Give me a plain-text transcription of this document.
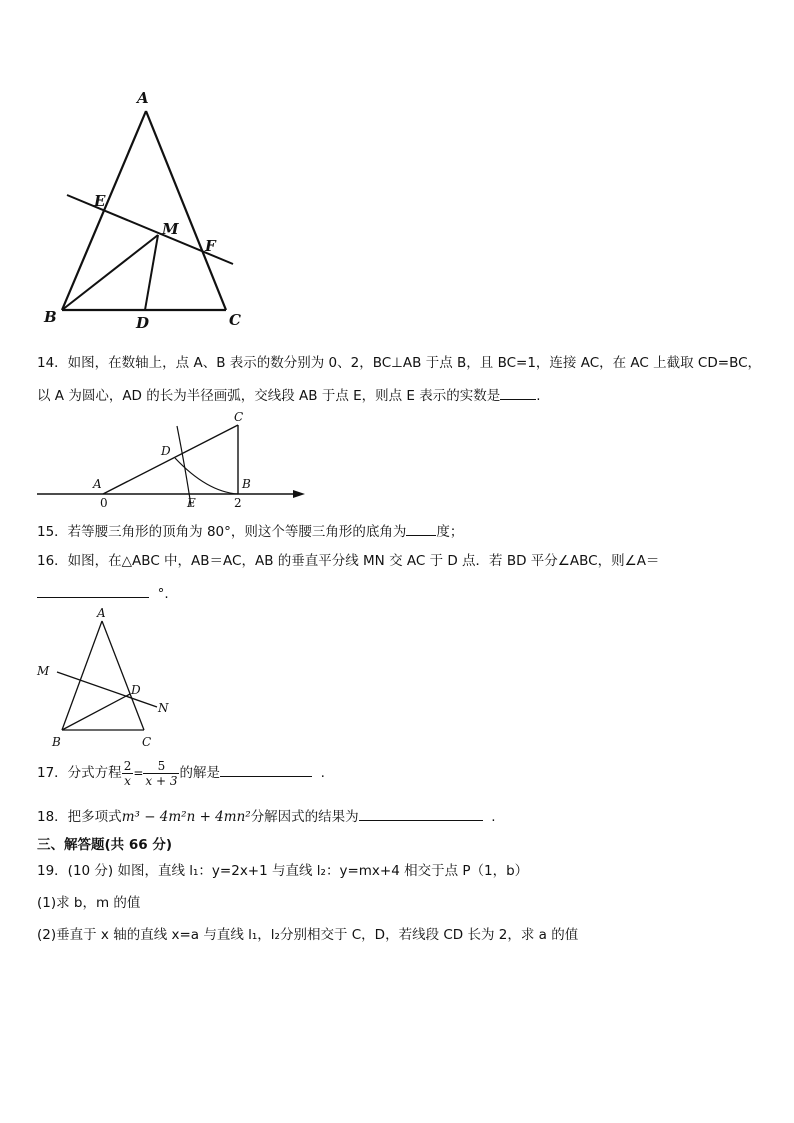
A
E
M
F
B	D	C
14．如图，在数轴上，点 A、B 表示的数分别为 0、2，BC⊥AB 于点 B，且 BC=1，连接 AC，在 AC 上截取 CD=BC，
以 A 为圆心，AD 的长为半径画弧，交线段 AB 于点 E，则点 E 表示的实数是	.
C
D
A	B
0	E	2
15．若等腰三角形的顶角为 80°，则这个等腰三角形的底角为 度；
16．如图，在△ABC 中，AB＝AC，AB 的垂直平分线 MN 交 AC 于 D 点．若 BD 平分∠ABC，则∠A＝
°.
A
M
D
N
B	C
17．分式方程 $\frac{2}{x} = \frac{5}{x + 3}$ 的解是	.
18．把多项式m³ − 4m²n + 4mn²分解因式的结果为	.
三、解答题(共 66 分)
19．(10 分) 如图，直线 l₁：y=2x+1 与直线 l₂：y=mx+4 相交于点 P（1，b）
(1)求 b，m 的值
(2)垂直于 x 轴的直线 x=a 与直线 l₁，l₂分别相交于 C，D，若线段 CD 长为 2，求 a 的值
